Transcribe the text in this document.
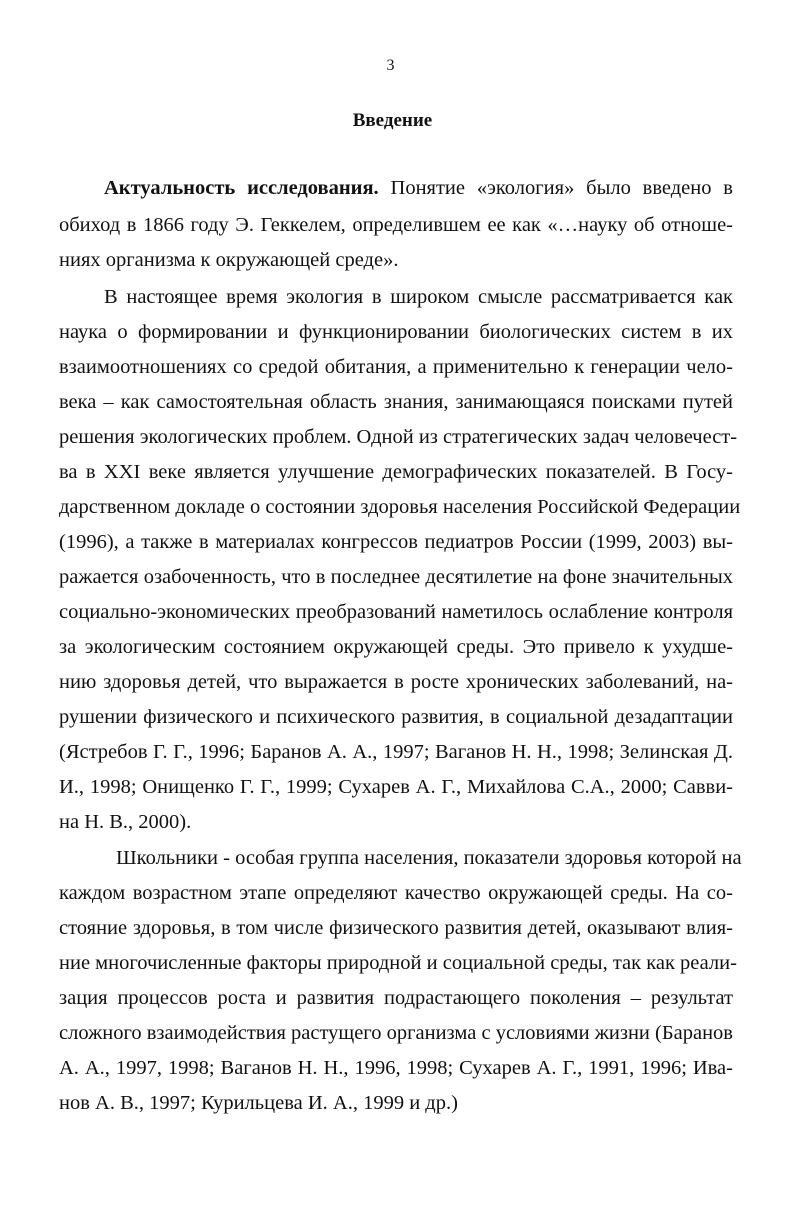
3
Введение
Актуальность исследования. Понятие «экология» было введено в
обиход в 1866 году Э. Геккелем, определившем ее как «…науку об отноше-
ниях организма к окружающей среде».
В настоящее время экология в широком смысле рассматривается как
наука о формировании и функционировании биологических систем в их
взаимоотношениях со средой обитания, а применительно к генерации чело-
века – как самостоятельная область знания, занимающаяся поисками путей
решения экологических проблем. Одной из стратегических задач человечест-
ва в XXI веке является улучшение демографических показателей. В Госу-
дарственном докладе о состоянии здоровья населения Российской Федерации
(1996), а также в материалах конгрессов педиатров России (1999, 2003) вы-
ражается озабоченность, что в последнее десятилетие на фоне значительных
социально-экономических преобразований наметилось ослабление контроля
за экологическим состоянием окружающей среды. Это привело к ухудше-
нию здоровья детей, что выражается в росте хронических заболеваний, на-
рушении физического и психического развития, в социальной дезадаптации
(Ястребов Г. Г., 1996; Баранов А. А., 1997; Ваганов Н. Н., 1998; Зелинская Д.
И., 1998; Онищенко Г. Г., 1999; Сухарев А. Г., Михайлова С.А., 2000; Савви-
на Н. В., 2000).
Школьники - особая группа населения, показатели здоровья которой на
каждом возрастном этапе определяют качество окружающей среды. На со-
стояние здоровья, в том числе физического развития детей, оказывают влия-
ние многочисленные факторы природной и социальной среды, так как реали-
зация процессов роста и развития подрастающего поколения – результат
сложного взаимодействия растущего организма с условиями жизни (Баранов
А. А., 1997, 1998; Ваганов Н. Н., 1996, 1998; Сухарев А. Г., 1991, 1996; Ива-
нов А. В., 1997; Курильцева И. А., 1999 и др.)
